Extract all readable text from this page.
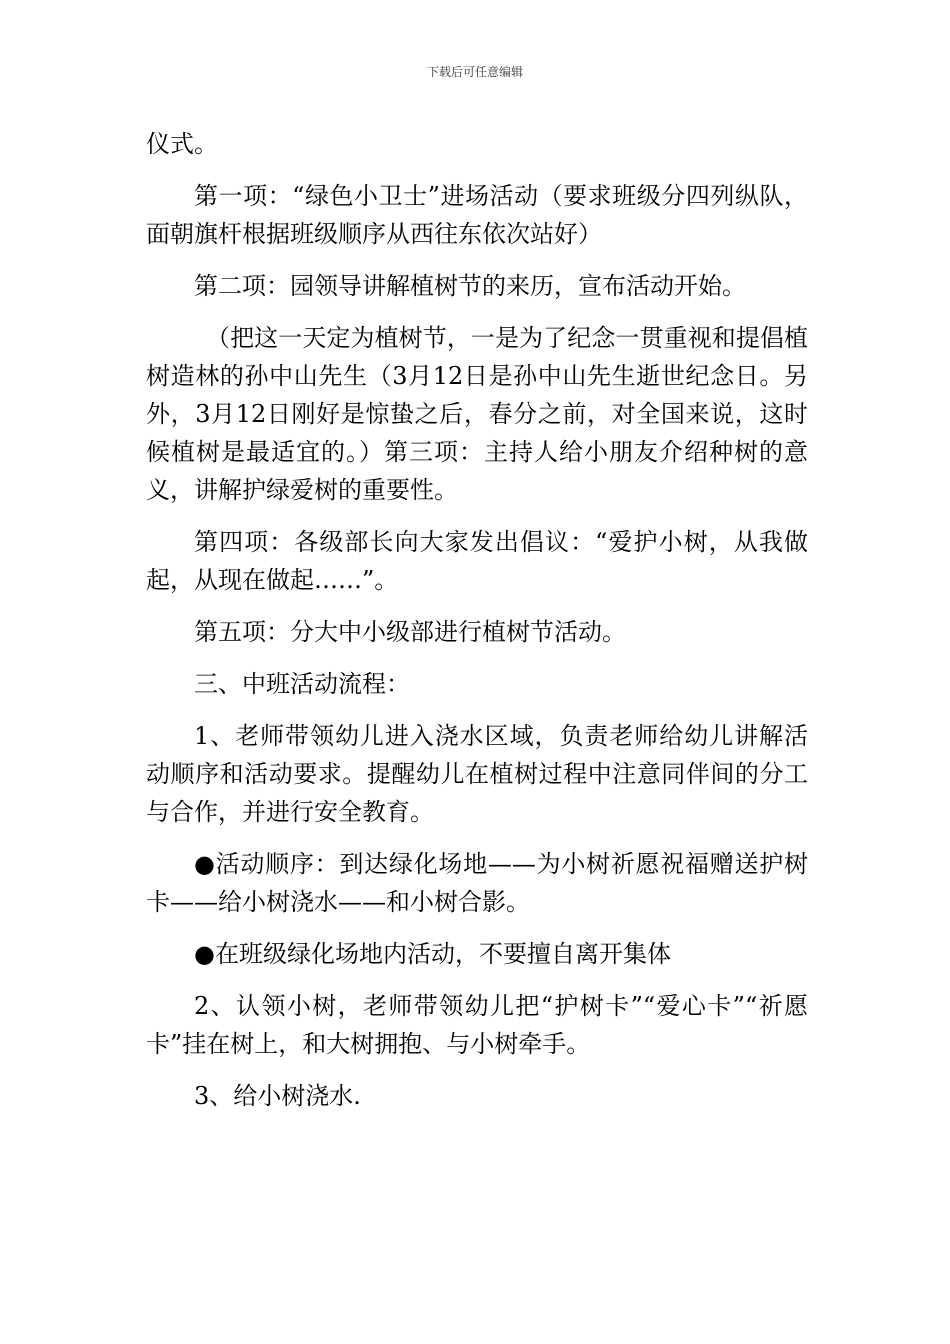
下载后可任意编辑

仪式。

第一项：“绿色小卫士”进场活动（要求班级分四列纵队，面朝旗杆根据班级顺序从西往东依次站好）

第二项：园领导讲解植树节的来历，宣布活动开始。

（把这一天定为植树节，一是为了纪念一贯重视和提倡植树造林的孙中山先生（3月12日是孙中山先生逝世纪念日。另外，3月12日刚好是惊蛰之后，春分之前，对全国来说，这时候植树是最适宜的。）第三项：主持人给小朋友介绍种树的意义，讲解护绿爱树的重要性。

第四项：各级部长向大家发出倡议：“爱护小树，从我做起，从现在做起……”。

第五项：分大中小级部进行植树节活动。

三、中班活动流程：

1、老师带领幼儿进入浇水区域，负责老师给幼儿讲解活动顺序和活动要求。提醒幼儿在植树过程中注意同伴间的分工与合作，并进行安全教育。

●活动顺序：到达绿化场地——为小树祈愿祝福赠送护树卡——给小树浇水——和小树合影。

●在班级绿化场地内活动，不要擅自离开集体

2、认领小树，老师带领幼儿把“护树卡”“爱心卡”“祈愿卡”挂在树上，和大树拥抱、与小树牵手。

3、给小树浇水.
